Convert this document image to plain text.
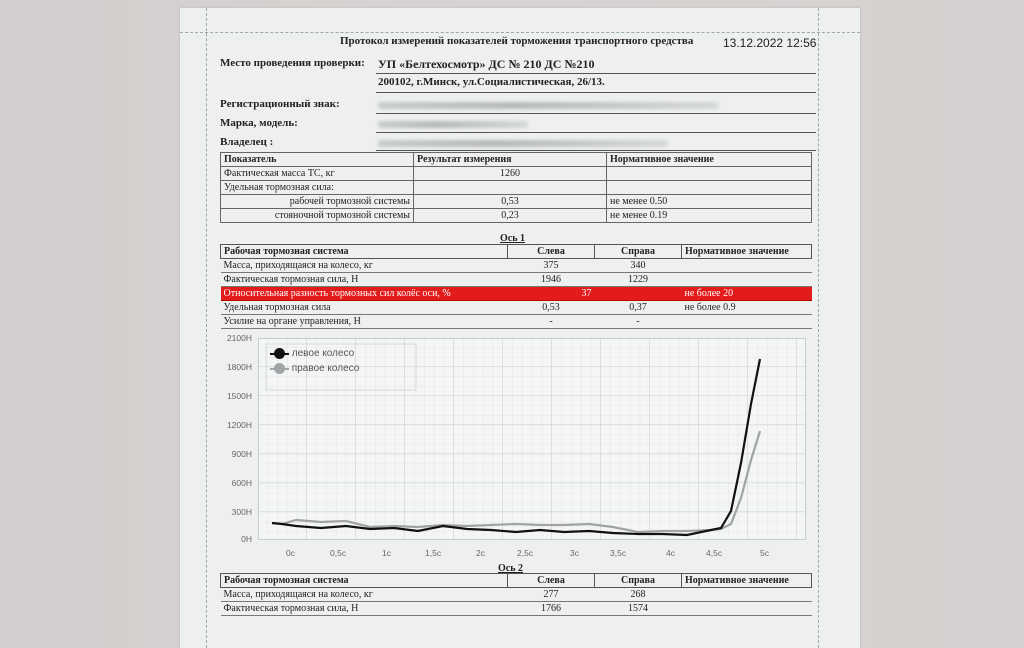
Протокол измерений показателей торможения транспортного средства 13.12.2022 12:56
Место проведения проверки: УП «Белтехосмотр» ДС № 210 ДС №210
200102, г.Минск, ул.Социалистическая, 26/13.
Регистрационный знак:
Марка, модель:
Владелец :
Показатель	Результат измерения	Нормативное значение
Фактическая масса ТС, кг	1260	
Удельная тормозная сила:		
рабочей тормозной системы	0,53	не менее 0.50
стояночной тормозной системы	0,23	не менее 0.19
Ось 1
Рабочая тормозная система	Слева	Справа	Нормативное значение
Масса, приходящаяся на колесо, кг	375	340	
Фактическая тормозная сила, Н	1946	1229	
Относительная разность тормозных сил колёс оси, %	37		не более 20
Удельная тормозная сила	0,53	0,37	не более 0.9
Усилие на органе управления, Н	-	-	
2100Н
1800Н
1500Н
1200Н
900Н
600Н
300Н
0Н
левое колесо
правое колесо
0с	0,5с	1с	1,5с	2с	2,5с	3с	3,5с	4с	4,5с	5с
Ось 2
Рабочая тормозная система	Слева	Справа	Нормативное значение
Масса, приходящаяся на колесо, кг	277	268	
Фактическая тормозная сила, Н	1766	1574	
